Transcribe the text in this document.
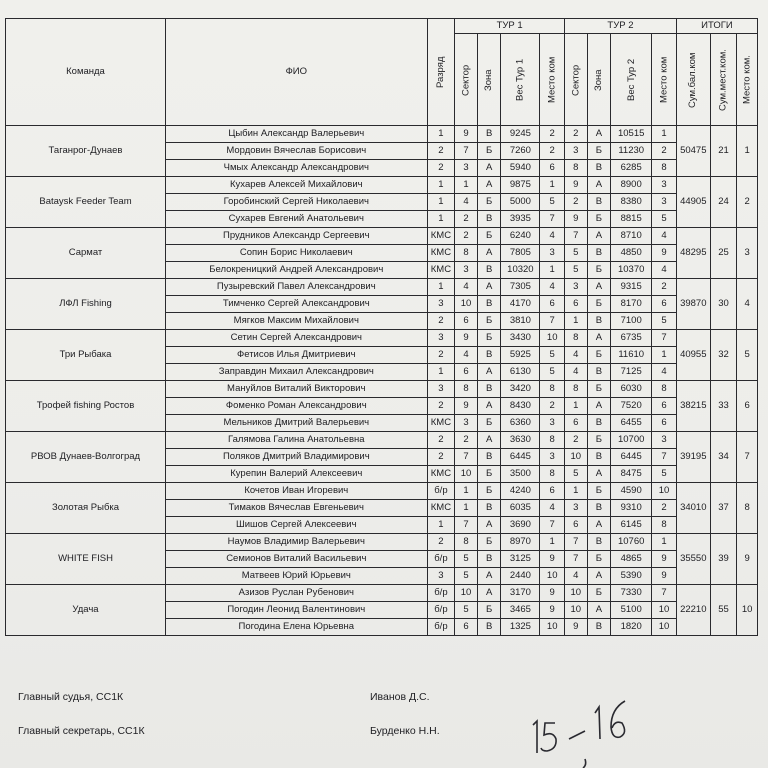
Команда	ФИО	Разряд	ТУР 1				ТУР 2				ИТОГИ		
			Сектор	Зона	Вес Тур 1	Место ком	Сектор	Зона	Вес Тур 2	Место ком	Сум.бал.ком	Сум.мест.ком.	Место ком.
Таганрог-Дунаев	Цыбин Александр Валерьевич	1	9	В	9245	2	2	А	10515	1	50475	21	1
	Мордовин Вячеслав Борисович	2	7	Б	7260	2	3	Б	11230	2			
	Чмых Александр Александрович	2	3	А	5940	6	8	В	6285	8			
Bataysk Feeder Team	Кухарев Алексей Михайлович	1	1	А	9875	1	9	А	8900	3	44905	24	2
	Горобинский Сергей Николаевич	1	4	Б	5000	5	2	В	8380	3			
	Сухарев Евгений Анатольевич	1	2	В	3935	7	9	Б	8815	5			
Сармат	Прудников Александр Сергеевич	КМС	2	Б	6240	4	7	А	8710	4	48295	25	3
	Сопин Борис Николаевич	КМС	8	А	7805	3	5	В	4850	9			
	Белокреницкий Андрей Александрович	КМС	3	В	10320	1	5	Б	10370	4			
ЛФЛ Fishing	Пузыревский Павел Александрович	1	4	А	7305	4	3	А	9315	2	39870	30	4
	Тимченко Сергей Александрович	3	10	В	4170	6	6	Б	8170	6			
	Мягков Максим Михайлович	2	6	Б	3810	7	1	В	7100	5			
Три Рыбака	Сетин Сергей Александрович	3	9	Б	3430	10	8	А	6735	7	40955	32	5
	Фетисов Илья Дмитриевич	2	4	В	5925	5	4	Б	11610	1			
	Заправдин Михаил Александрович	1	6	А	6130	5	4	В	7125	4			
Трофей fishing Ростов	Мануйлов Виталий Викторович	3	8	В	3420	8	8	Б	6030	8	38215	33	6
	Фоменко Роман Александрович	2	9	А	8430	2	1	А	7520	6			
	Мельников Дмитрий Валерьевич	КМС	3	Б	6360	3	6	В	6455	6			
РВОВ Дунаев-Волгоград	Галямова Галина Анатольевна	2	2	А	3630	8	2	Б	10700	3	39195	34	7
	Поляков Дмитрий Владимирович	2	7	В	6445	3	10	В	6445	7			
	Курепин Валерий Алексеевич	КМС	10	Б	3500	8	5	А	8475	5			
Золотая Рыбка	Кочетов Иван Игоревич	б/р	1	Б	4240	6	1	Б	4590	10	34010	37	8
	Тимаков Вячеслав Евгеньевич	КМС	1	В	6035	4	3	В	9310	2			
	Шишов Сергей Алексеевич	1	7	А	3690	7	6	А	6145	8			
WHITE FISH	Наумов Владимир Валерьевич	2	8	Б	8970	1	7	В	10760	1	35550	39	9
	Семионов Виталий Васильевич	б/р	5	В	3125	9	7	Б	4865	9			
	Матвеев Юрий Юрьевич	3	5	А	2440	10	4	А	5390	9			
Удача	Азизов Руслан Рубенович	б/р	10	А	3170	9	10	Б	7330	7	22210	55	10
	Погодин Леонид Валентинович	б/р	5	Б	3465	9	10	А	5100	10			
	Погодина Елена Юрьевна	б/р	6	В	1325	10	9	В	1820	10			
Главный судья, СС1К	Иванов Д.С.
Главный секретарь, СС1К	Бурденко Н.Н.
